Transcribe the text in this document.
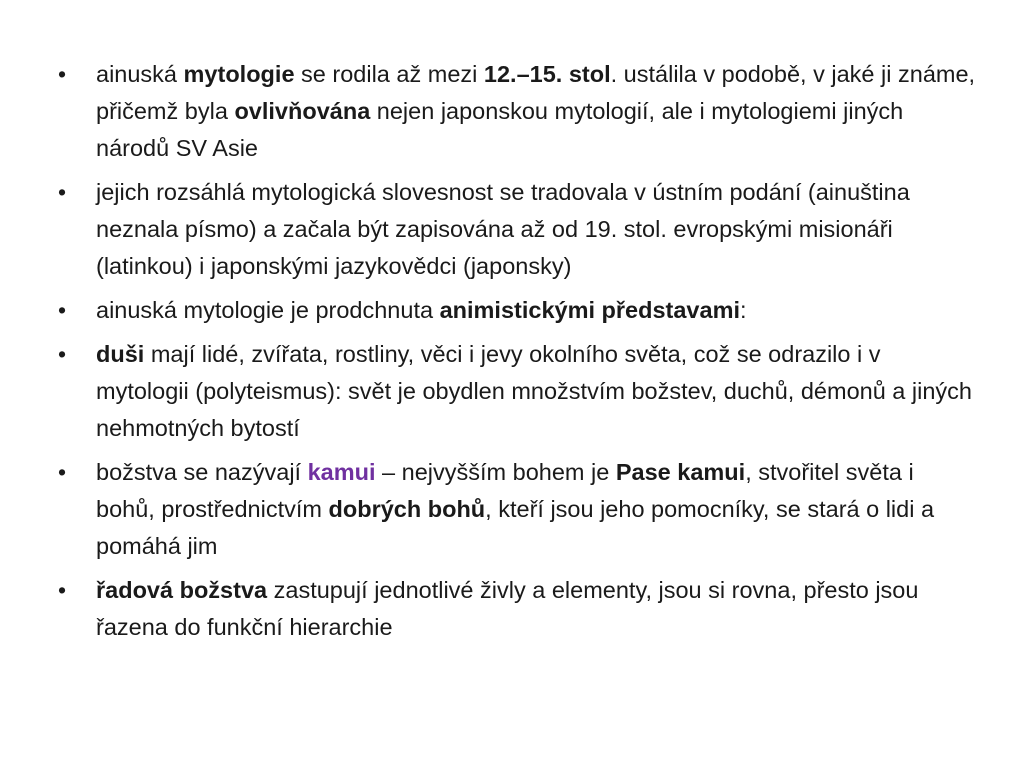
• ainuská mytologie se rodila až mezi 12.–15. stol. ustálila v podobě, v jaké ji známe, přičemž byla ovlivňována nejen japonskou mytologií, ale i mytologiemi jiných národů SV Asie
• jejich rozsáhlá mytologická slovesnost se tradovala v ústním podání (ainuština neznala písmo) a začala být zapisována až od 19. stol. evropskými misionáři (latinkou) i japonskými jazykovědci (japonsky)
• ainuská mytologie je prodchnuta animistickými představami:
• duši mají lidé, zvířata, rostliny, věci i jevy okolního světa, což se odrazilo i v mytologii (polyteismus): svět je obydlen množstvím božstev, duchů, démonů a jiných nehmotných bytostí
• božstva se nazývají kamui – nejvyšším bohem je Pase kamui, stvořitel světa i bohů, prostřednictvím dobrých bohů, kteří jsou jeho pomocníky, se stará o lidi a pomáhá jim
• řadová božstva zastupují jednotlivé živly a elementy, jsou si rovna, přesto jsou řazena do funkční hierarchie
